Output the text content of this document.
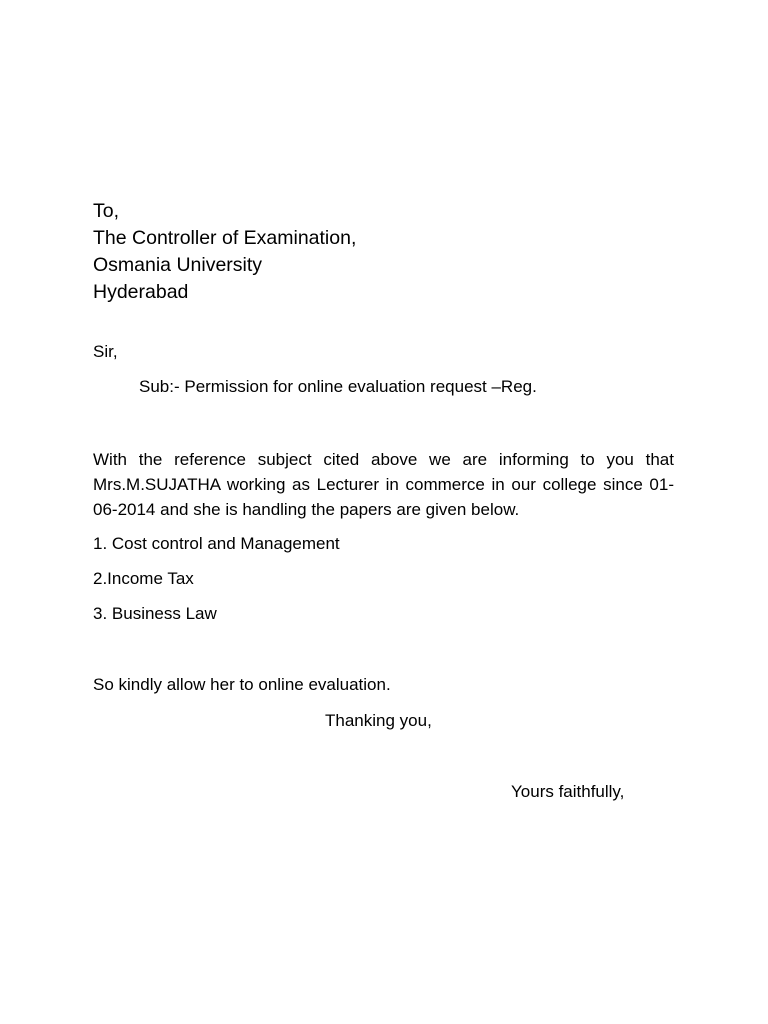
To,
The Controller of Examination,
Osmania University
Hyderabad
Sir,
Sub:- Permission for online evaluation request –Reg.
With the reference subject cited above we are informing to you that Mrs.M.SUJATHA working as Lecturer in commerce in our college since 01-06-2014 and she is handling the papers are given below.
1. Cost control and Management
2.Income Tax
3. Business Law
So kindly allow her to online evaluation.
Thanking you,
Yours faithfully,
